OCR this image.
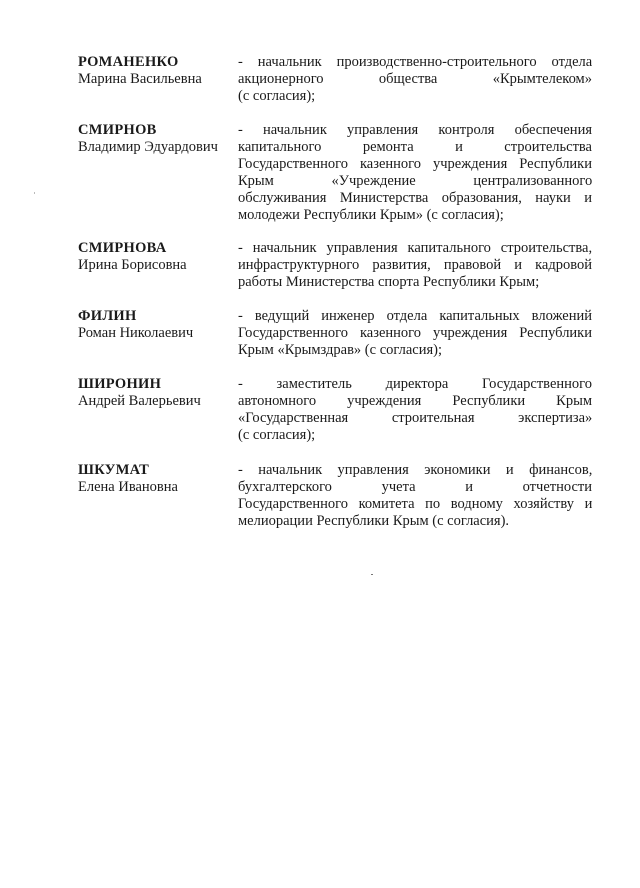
РОМАНЕНКО
Марина Васильевна
- начальник производственно-строительного отдела
акционерного общества «Крымтелеком»
(с согласия);
СМИРНОВ
Владимир Эдуардович
- начальник управления контроля обеспечения
капитального ремонта и строительства
Государственного казенного учреждения Республики
Крым «Учреждение централизованного
обслуживания Министерства образования, науки и
молодежи Республики Крым» (с согласия);
СМИРНОВА
Ирина Борисовна
- начальник управления капитального строительства,
инфраструктурного развития, правовой и кадровой
работы Министерства спорта Республики Крым;
ФИЛИН
Роман Николаевич
- ведущий инженер отдела капитальных вложений
Государственного казенного учреждения Республики
Крым «Крымздрав» (с согласия);
ШИРОНИН
Андрей Валерьевич
- заместитель директора Государственного
автономного учреждения Республики Крым
«Государственная строительная экспертиза»
(с согласия);
ШКУМАТ
Елена Ивановна
- начальник управления экономики и финансов,
бухгалтерского учета и отчетности
Государственного комитета по водному хозяйству и
мелиорации Республики Крым (с согласия).
